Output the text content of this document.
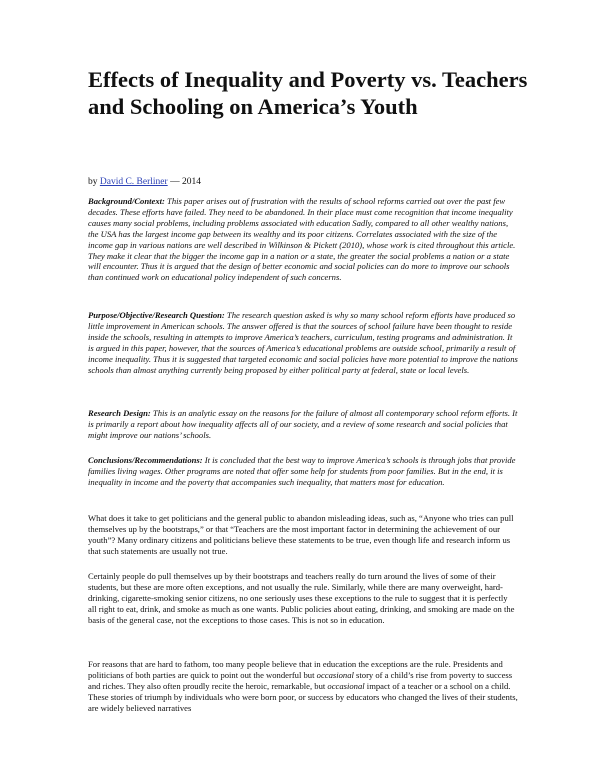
Effects of Inequality and Poverty vs. Teachers and Schooling on America’s Youth
by David C. Berliner — 2014

Background/Context: This paper arises out of frustration with the results of school reforms carried out over the past few decades. These efforts have failed. They need to be abandoned. In their place must come recognition that income inequality causes many social problems, including problems associated with education Sadly, compared to all other wealthy nations, the USA has the largest income gap between its wealthy and its poor citizens. Correlates associated with the size of the income gap in various nations are well described in Wilkinson & Pickett (2010), whose work is cited throughout this article. They make it clear that the bigger the income gap in a nation or a state, the greater the social problems a nation or a state will encounter. Thus it is argued that the design of better economic and social policies can do more to improve our schools than continued work on educational policy independent of such concerns.

Purpose/Objective/Research Question: The research question asked is why so many school reform efforts have produced so little improvement in American schools. The answer offered is that the sources of school failure have been thought to reside inside the schools, resulting in attempts to improve America’s teachers, curriculum, testing programs and administration. It is argued in this paper, however, that the sources of America’s educational problems are outside school, primarily a result of income inequality. Thus it is suggested that targeted economic and social policies have more potential to improve the nations schools than almost anything currently being proposed by either political party at federal, state or local levels.

Research Design: This is an analytic essay on the reasons for the failure of almost all contemporary school reform efforts. It is primarily a report about how inequality affects all of our society, and a review of some research and social policies that might improve our nations’ schools.

Conclusions/Recommendations: It is concluded that the best way to improve America’s schools is through jobs that provide families living wages. Other programs are noted that offer some help for students from poor families. But in the end, it is inequality in income and the poverty that accompanies such inequality, that matters most for education.

What does it take to get politicians and the general public to abandon misleading ideas, such as, “Anyone who tries can pull themselves up by the bootstraps,” or that “Teachers are the most important factor in determining the achievement of our youth”? Many ordinary citizens and politicians believe these statements to be true, even though life and research inform us that such statements are usually not true.

Certainly people do pull themselves up by their bootstraps and teachers really do turn around the lives of some of their students, but these are more often exceptions, and not usually the rule. Similarly, while there are many overweight, hard-drinking, cigarette-smoking senior citizens, no one seriously uses these exceptions to the rule to suggest that it is perfectly all right to eat, drink, and smoke as much as one wants. Public policies about eating, drinking, and smoking are made on the basis of the general case, not the exceptions to those cases. This is not so in education.

For reasons that are hard to fathom, too many people believe that in education the exceptions are the rule. Presidents and politicians of both parties are quick to point out the wonderful but occasional story of a child’s rise from poverty to success and riches. They also often proudly recite the heroic, remarkable, but occasional impact of a teacher or a school on a child. These stories of triumph by individuals who were born poor, or success by educators who changed the lives of their students, are widely believed narratives
